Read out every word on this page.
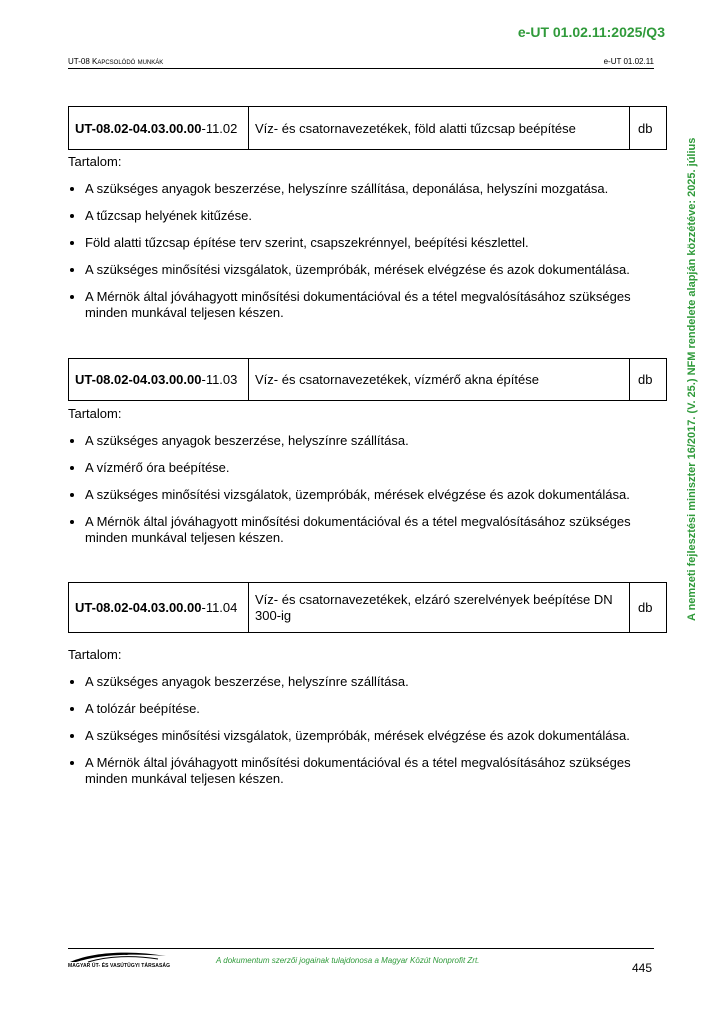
e-UT 01.02.11:2025/Q3
UT-08 Kapcsolódó munkák	e-UT 01.02.11
A nemzeti fejlesztési miniszter 16/2017. (V. 25.) NFM rendelete alapján közzétéve: 2025. július
UT-08.02-04.03.00.00-11.02	Víz- és csatornavezetékek, föld alatti tűzcsap beépítése	db
Tartalom:
A szükséges anyagok beszerzése, helyszínre szállítása, deponálása, helyszíni mozgatása.
A tűzcsap helyének kitűzése.
Föld alatti tűzcsap építése terv szerint, csapszekrénnyel, beépítési készlettel.
A szükséges minősítési vizsgálatok, üzempróbák, mérések elvégzése és azok dokumentálása.
A Mérnök által jóváhagyott minősítési dokumentációval és a tétel megvalósításához szükséges minden munkával teljesen készen.
UT-08.02-04.03.00.00-11.03	Víz- és csatornavezetékek, vízmérő akna építése	db
Tartalom:
A szükséges anyagok beszerzése, helyszínre szállítása.
A vízmérő óra beépítése.
A szükséges minősítési vizsgálatok, üzempróbák, mérések elvégzése és azok dokumentálása.
A Mérnök által jóváhagyott minősítési dokumentációval és a tétel megvalósításához szükséges minden munkával teljesen készen.
UT-08.02-04.03.00.00-11.04	Víz- és csatornavezetékek, elzáró szerelvények beépítése DN 300-ig	db
Tartalom:
A szükséges anyagok beszerzése, helyszínre szállítása.
A tolózár beépítése.
A szükséges minősítési vizsgálatok, üzempróbák, mérések elvégzése és azok dokumentálása.
A Mérnök által jóváhagyott minősítési dokumentációval és a tétel megvalósításához szükséges minden munkával teljesen készen.
MAGYAR ÚT- ÉS VASÚTÜGYI TÁRSASÁG
A dokumentum szerzői jogainak tulajdonosa a Magyar Közút Nonprofit Zrt.
445
